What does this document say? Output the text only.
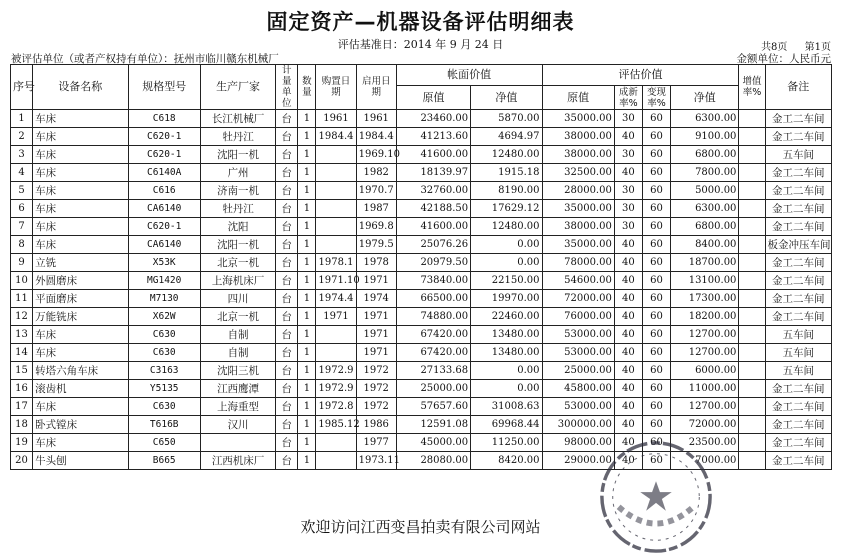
固定资产—机器设备评估明细表
评估基准日：2014 年 9 月 24 日	共8页 第1页
被评估单位（或者产权持有单位）：抚州市临川赣东机械厂	金额单位：人民币元
序号	设备名称	规格型号	生产厂家	计量单位	数量	购置日期	启用日期	帐面价值		评估价值				增值率%	备注
								原值	净值	原值	成新率%	变现率%	净值		
1	车床	C618	长江机械厂	台	1	1961	1961	23460.00	5870.00	35000.00	30	60	6300.00		金工二车间
2	车床	C620-1	牡丹江	台	1	1984.4	1984.4	41213.60	4694.97	38000.00	40	60	9100.00		金工二车间
3	车床	C620-1	沈阳一机	台	1		1969.10	41600.00	12480.00	38000.00	30	60	6800.00		五车间
4	车床	C6140A	广州	台	1		1982	18139.97	1915.18	32500.00	40	60	7800.00		金工二车间
5	车床	C616	济南一机	台	1		1970.7	32760.00	8190.00	28000.00	30	60	5000.00		金工二车间
6	车床	CA6140	牡丹江	台	1		1987	42188.50	17629.12	35000.00	30	60	6300.00		金工二车间
7	车床	C620-1	沈阳	台	1		1969.8	41600.00	12480.00	38000.00	30	60	6800.00		金工二车间
8	车床	CA6140	沈阳一机	台	1		1979.5	25076.26	0.00	35000.00	40	60	8400.00		板金冲压车间
9	立铣	X53K	北京一机	台	1	1978.1	1978	20979.50	0.00	78000.00	40	60	18700.00		金工二车间
10	外圆磨床	MG1420	上海机床厂	台	1	1971.10	1971	73840.00	22150.00	54600.00	40	60	13100.00		金工二车间
11	平面磨床	M7130	四川	台	1	1974.4	1974	66500.00	19970.00	72000.00	40	60	17300.00		金工二车间
12	万能铣床	X62W	北京一机	台	1	1971	1971	74880.00	22460.00	76000.00	40	60	18200.00		金工二车间
13	车床	C630	自制	台	1		1971	67420.00	13480.00	53000.00	40	60	12700.00		五车间
14	车床	C630	自制	台	1		1971	67420.00	13480.00	53000.00	40	60	12700.00		五车间
15	转塔六角车床	C3163	沈阳三机	台	1	1972.9	1972	27133.68	0.00	25000.00	40	60	6000.00		五车间
16	滚齿机	Y5135	江西鹰潭	台	1	1972.9	1972	25000.00	0.00	45800.00	40	60	11000.00		金工二车间
17	车床	C630	上海重型	台	1	1972.8	1972	57657.60	31008.63	53000.00	40	60	12700.00		金工二车间
18	卧式镗床	T616B	汉川	台	1	1985.12	1986	12591.08	69968.44	300000.00	40	60	72000.00		金工二车间
19	车床	C650		台	1		1977	45000.00	11250.00	98000.00	40	60	23500.00		金工二车间
20	牛头刨	B665	江西机床厂	台	1		1973.11	28080.00	8420.00	29000.00	40	60	7000.00		金工二车间
欢迎访问江西变昌拍卖有限公司网站
